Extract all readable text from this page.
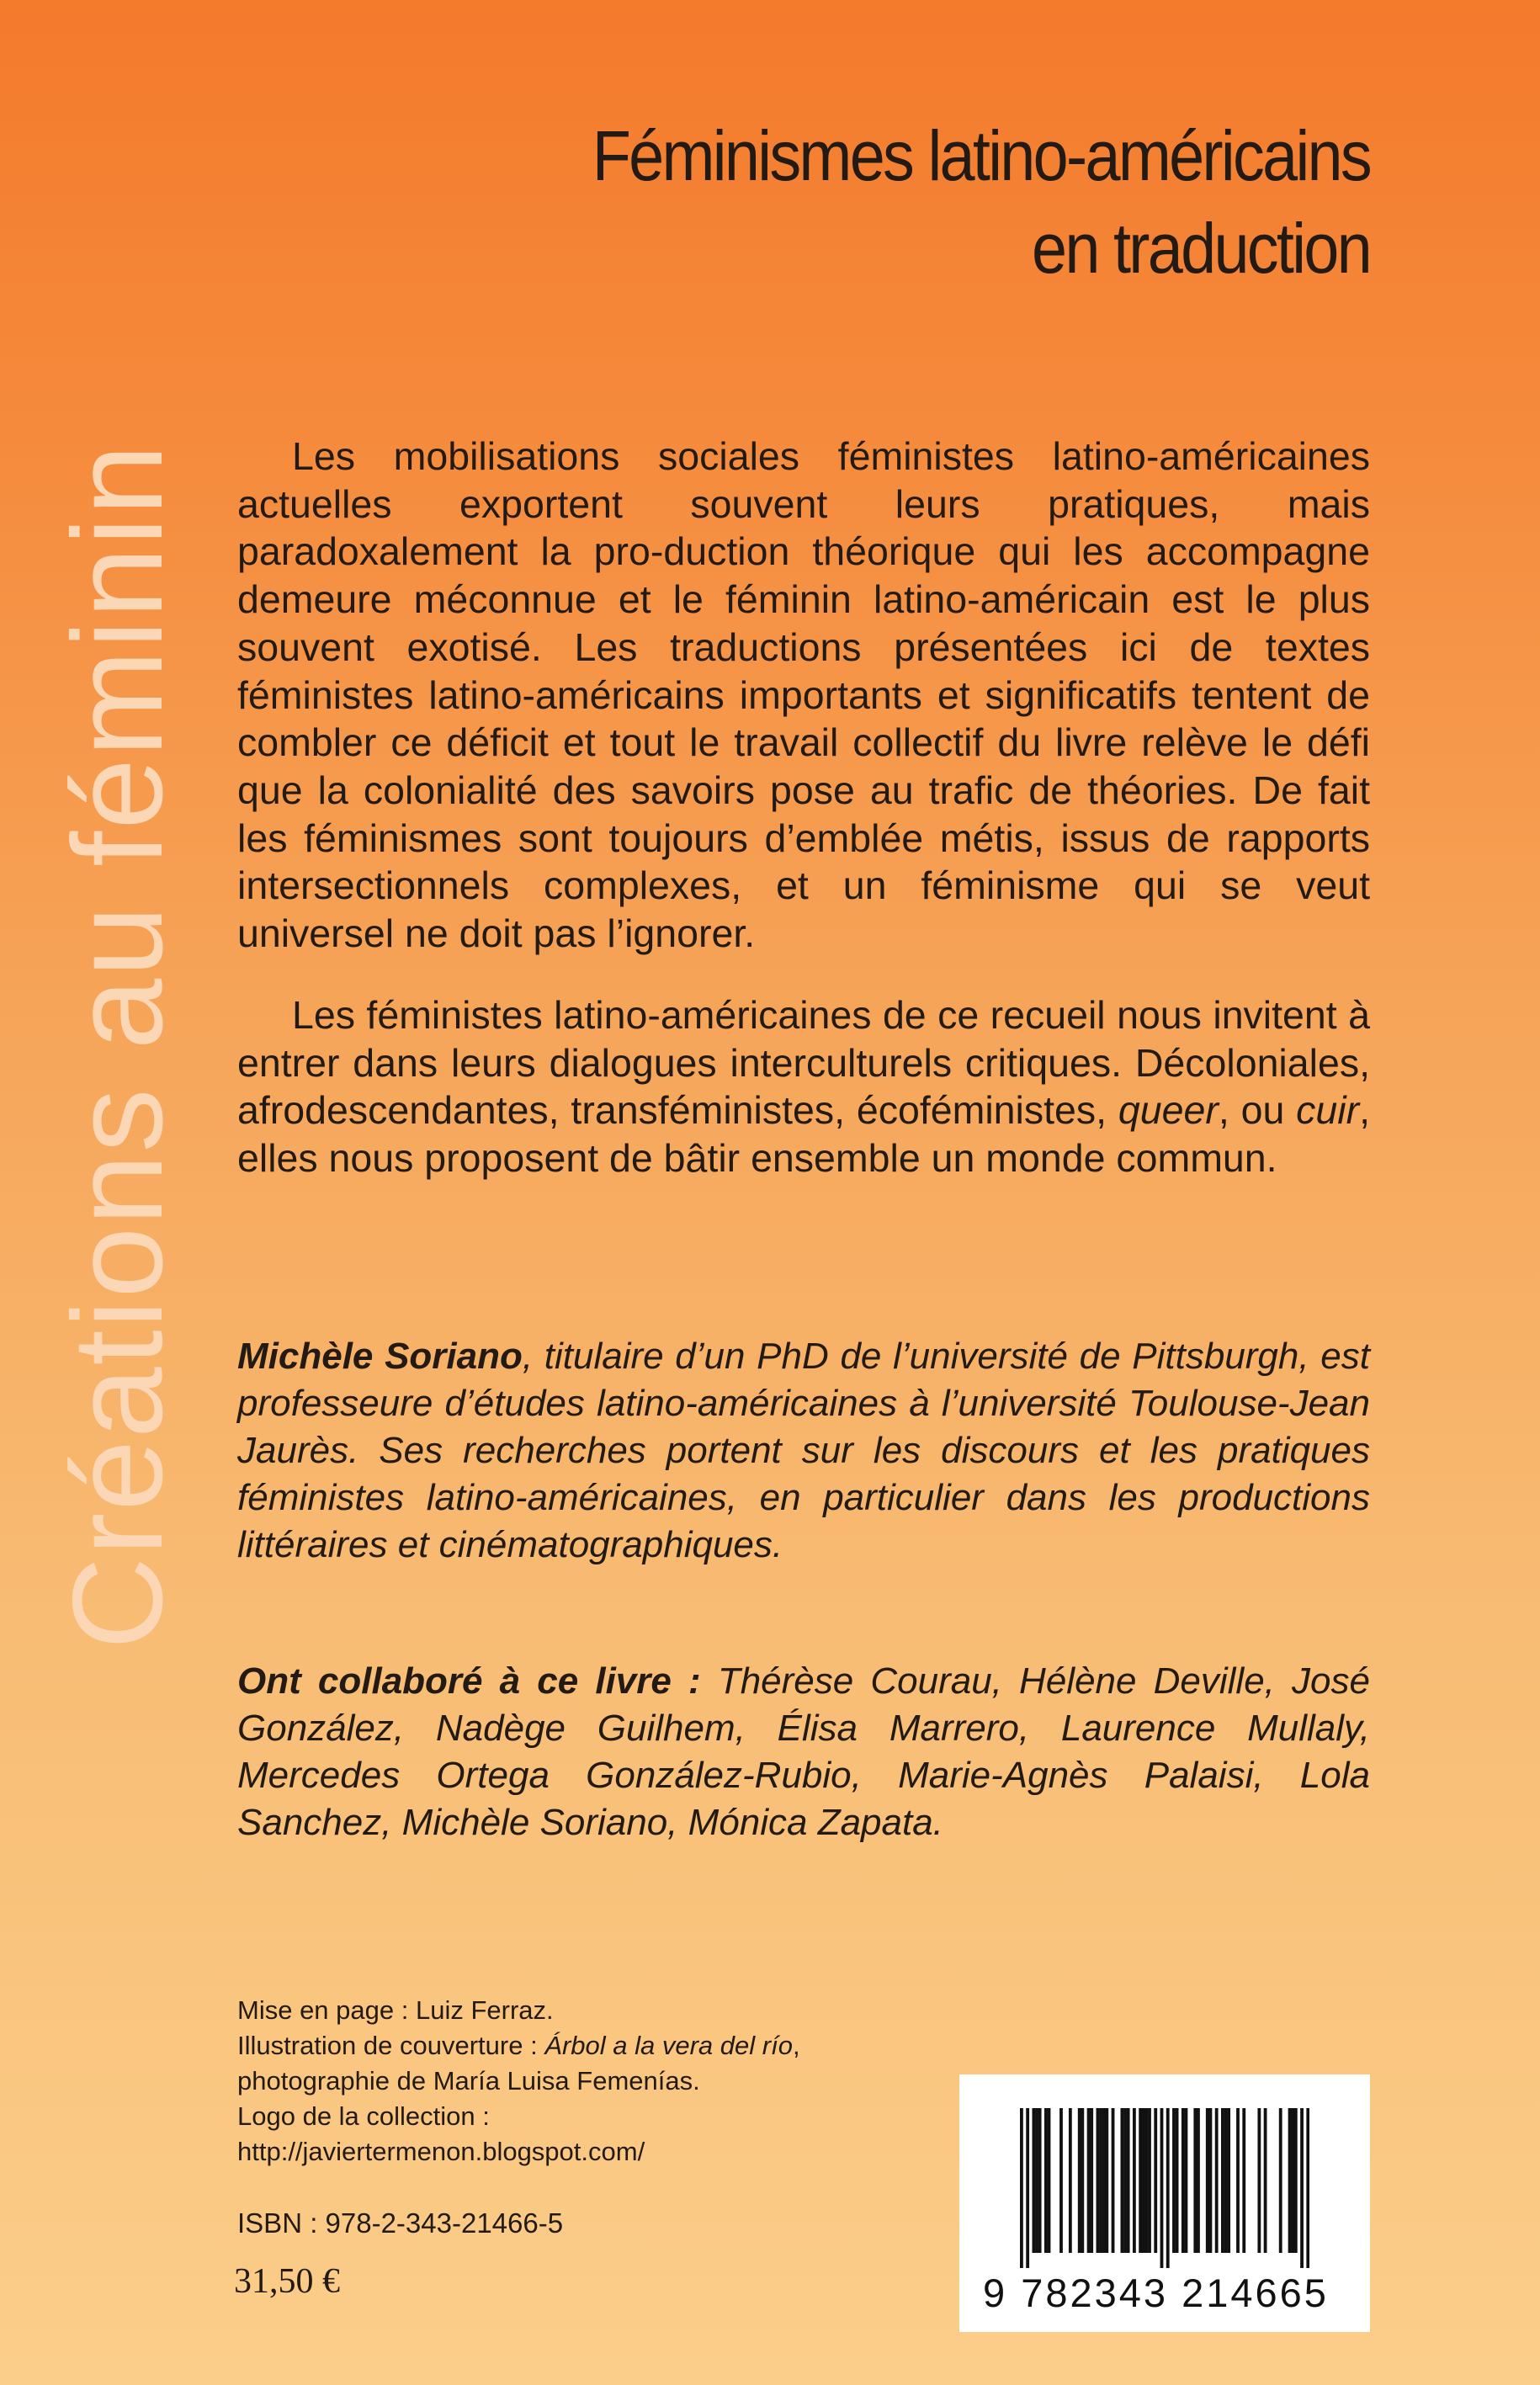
Créations au féminin
Féminismes latino-américains
en traduction
Les mobilisations sociales féministes latino-américaines actuelles exportent souvent leurs pratiques, mais paradoxalement la pro-duction théorique qui les accompagne demeure méconnue et le féminin latino-américain est le plus souvent exotisé. Les traductions présentées ici de textes féministes latino-américains importants et significatifs tentent de combler ce déficit et tout le travail collectif du livre relève le défi que la colonialité des savoirs pose au trafic de théories. De fait les féminismes sont toujours d’emblée métis, issus de rapports intersectionnels complexes, et un féminisme qui se veut universel ne doit pas l’ignorer.
Les féministes latino-américaines de ce recueil nous invitent à entrer dans leurs dialogues interculturels critiques. Décoloniales, afrodescendantes, transféministes, écoféministes, queer, ou cuir, elles nous proposent de bâtir ensemble un monde commun.
Michèle Soriano, titulaire d’un PhD de l’université de Pittsburgh, est professeure d’études latino-américaines à l’université Toulouse-Jean Jaurès. Ses recherches portent sur les discours et les pratiques féministes latino-américaines, en particulier dans les productions littéraires et cinématographiques.
Ont collaboré à ce livre : Thérèse Courau, Hélène Deville, José González, Nadège Guilhem, Élisa Marrero, Laurence Mullaly, Mercedes Ortega González-Rubio, Marie-Agnès Palaisi, Lola Sanchez, Michèle Soriano, Mónica Zapata.
Mise en page : Luiz Ferraz.
Illustration de couverture : Árbol a la vera del río,
photographie de María Luisa Femenías.
Logo de la collection :
http://javiertermenon.blogspot.com/
ISBN : 978-2-343-21466-5
31,50 €	9 782343 214665
